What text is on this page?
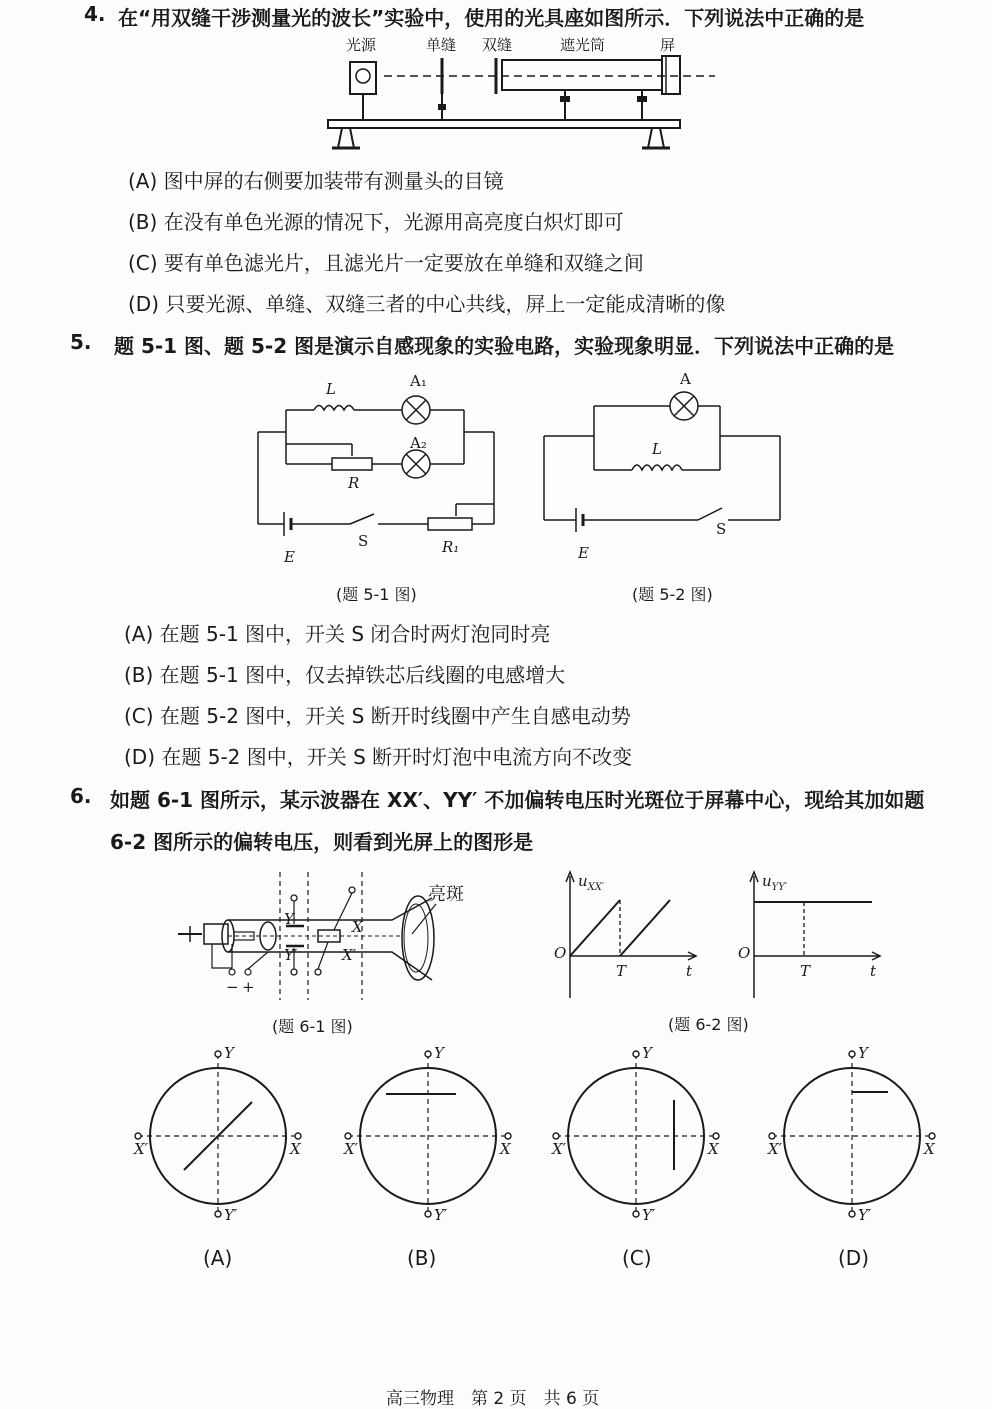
4. 在“用双缝干涉测量光的波长”实验中，使用的光具座如图所示．下列说法中正确的是
光源	单缝 双缝	遮光筒	屏
(A) 图中屏的右侧要加装带有测量头的目镜
(B) 在没有单色光源的情况下，光源用高亮度白炽灯即可
(C) 要有单色滤光片，且滤光片一定要放在单缝和双缝之间
(D) 只要光源、单缝、双缝三者的中心共线，屏上一定能成清晰的像
5. 题 5-1 图、题 5-2 图是演示自感现象的实验电路，实验现象明显．下列说法中正确的是
L	A₁
A₂
R
R₁
E
S
(题 5-1 图)
A
L
E
S
(题 5-2 图)
(A) 在题 5-1 图中，开关 S 闭合时两灯泡同时亮
(B) 在题 5-1 图中，仅去掉铁芯后线圈的电感增大
(C) 在题 5-2 图中，开关 S 断开时线圈中产生自感电动势
(D) 在题 5-2 图中，开关 S 断开时灯泡中电流方向不改变
6. 如题 6-1 图所示，某示波器在 XX′、YY′ 不加偏转电压时光斑位于屏幕中心，现给其加如题
6-2 图所示的偏转电压，则看到光屏上的图形是
亮斑
Y
Y′
X
X′
− +
(题 6-1 图)
$u_{XX'}$
O
T	t
$u_{YY'}$
O
T	t
(题 6-2 图)
Y
Y′
X
X′
(A)
Y
Y′
X
X′
(B)
Y
Y′
X
X′
(C)
Y
Y′
X
X′
(D)
高三物理　第 2 页　共 6 页
